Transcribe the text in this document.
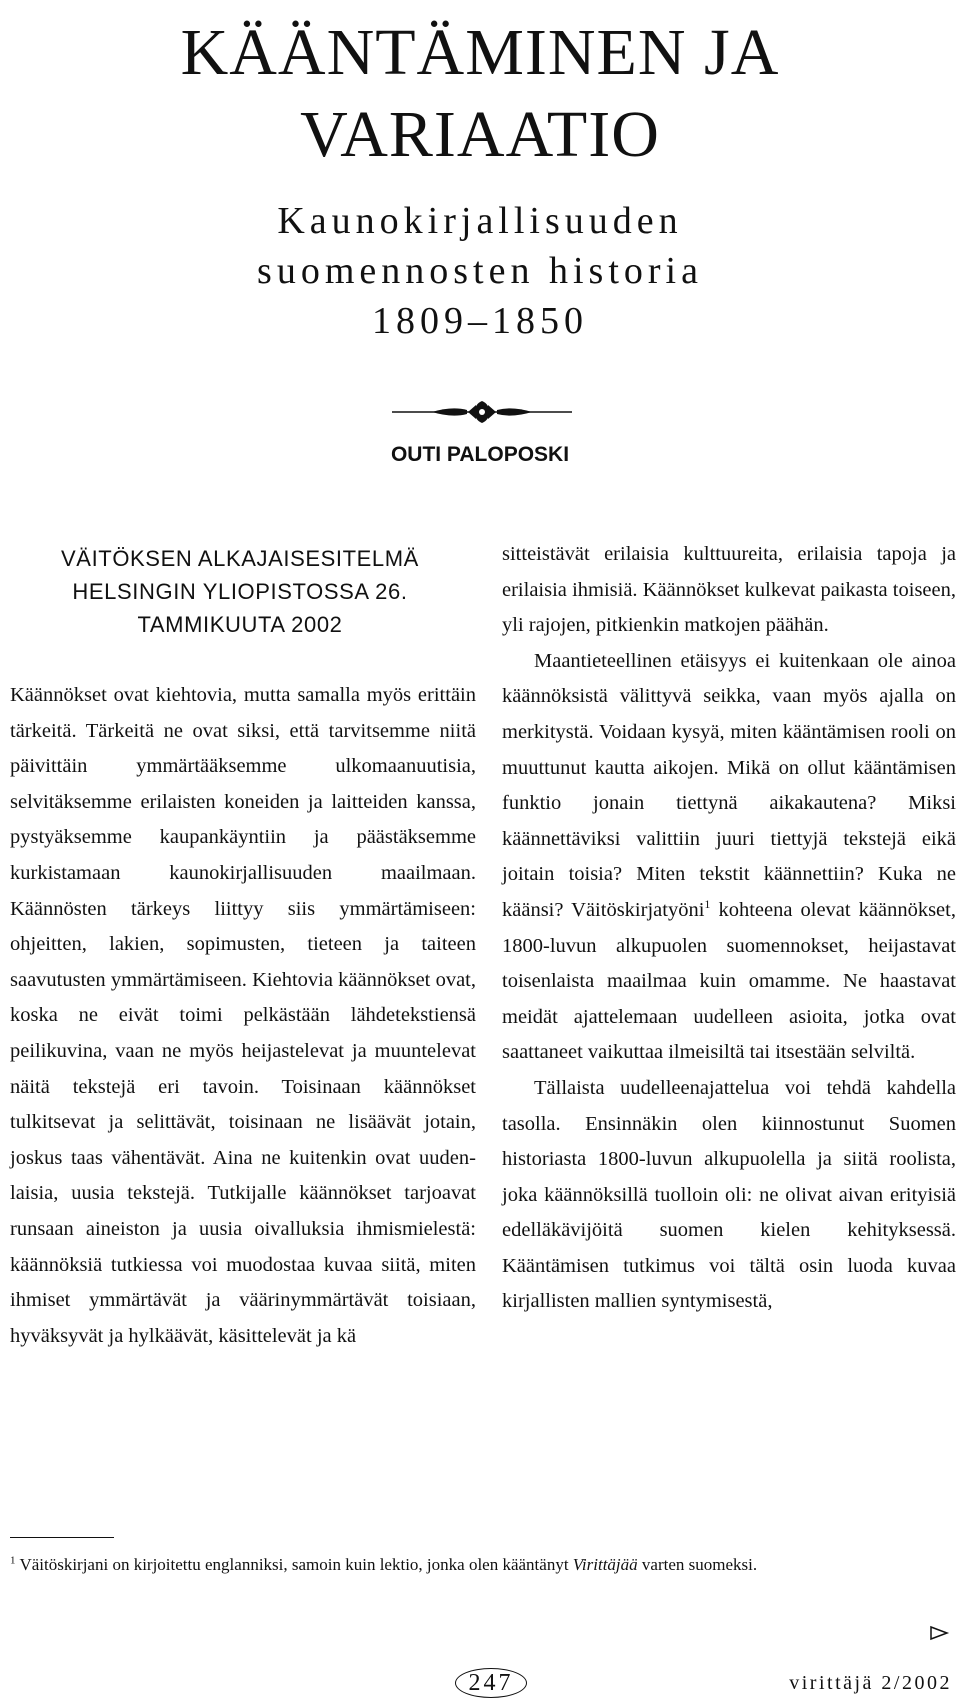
KÄÄNTÄMINEN JA
VARIAATIO
Kaunokirjallisuuden
suomennosten historia
1809–1850
OUTI PALOPOSKI
VÄITÖKSEN ALKAJAISESITELMÄ
HELSINGIN YLIOPISTOSSA 26.
TAMMIKUUTA 2002

Käännökset ovat kiehtovia, mutta samalla myös erittäin tärkeitä. Tärkeitä ne ovat siksi, että tarvitsemme niitä päivittäin ymmärtääksemme ulkomaanuutisia, selvitäksemme erilaisten koneiden ja laitteiden kanssa, pystyäksemme kaupankäyntiin ja päästäksemme kurkistamaan kaunokirjallisuuden maailmaan. Käännösten tärkeys liittyy siis ymmärtämiseen: ohjeitten, lakien, sopimusten, tieteen ja taiteen saavutusten ymmärtämiseen. Kiehtovia käännökset ovat, koska ne eivät toimi pelkästään lähdetekstiensä peilikuvina, vaan ne myös heijastelevat ja muuntelevat näitä tekstejä eri tavoin. Toisinaan käännökset tulkitsevat ja selittävät, toisinaan ne lisäävät jotain, joskus taas vähentävät. Aina ne kuitenkin ovat uudenlaisia, uusia tekstejä. Tutkijalle käännökset tarjoavat runsaan aineiston ja uusia oivalluksia ihmismielestä: käännöksiä tutkiessa voi muodostaa kuvaa siitä, miten ihmiset ymmärtävät ja väärinymmärtävät toisiaan, hyväksyvät ja hylkäävät, käsittelevät ja kä

sitteistävät erilaisia kulttuureita, erilaisia tapoja ja erilaisia ihmisiä. Käännökset kulkevat paikasta toiseen, yli rajojen, pitkienkin matkojen päähän.

Maantieteellinen etäisyys ei kuitenkaan ole ainoa käännöksistä välittyvä seikka, vaan myös ajalla on merkitystä. Voidaan kysyä, miten kääntämisen rooli on muuttunut kautta aikojen. Mikä on ollut kääntämisen funktio jonain tiettynä aikakautena? Miksi käännettäviksi valittiin juuri tiettyjä tekstejä eikä joitain toisia? Miten tekstit käännettiin? Kuka ne käänsi? Väitöskirjatyöni$^1$ kohteena olevat käännökset, 1800-luvun alkupuolen suomennokset, heijastavat toisenlaista maailmaa kuin omamme. Ne haastavat meidät ajattelemaan uudelleen asioita, jotka ovat saattaneet vaikuttaa ilmeisiltä tai itsestään selviltä.

Tällaista uudelleenajattelua voi tehdä kahdella tasolla. Ensinnäkin olen kiinnostunut Suomen historiasta 1800-luvun alkupuolella ja siitä roolista, joka käännöksillä tuolloin oli: ne olivat aivan erityisiä edelläkävijöitä suomen kielen kehityksessä. Kääntämisen tutkimus voi tältä osin luoda kuvaa kirjallisten mallien syntymisestä,

$^1$ Väitöskirjani on kirjoitettu englanniksi, samoin kuin lektio, jonka olen kääntänyt Virittäjää varten suomeksi.
247	virittäjä 2/2002
